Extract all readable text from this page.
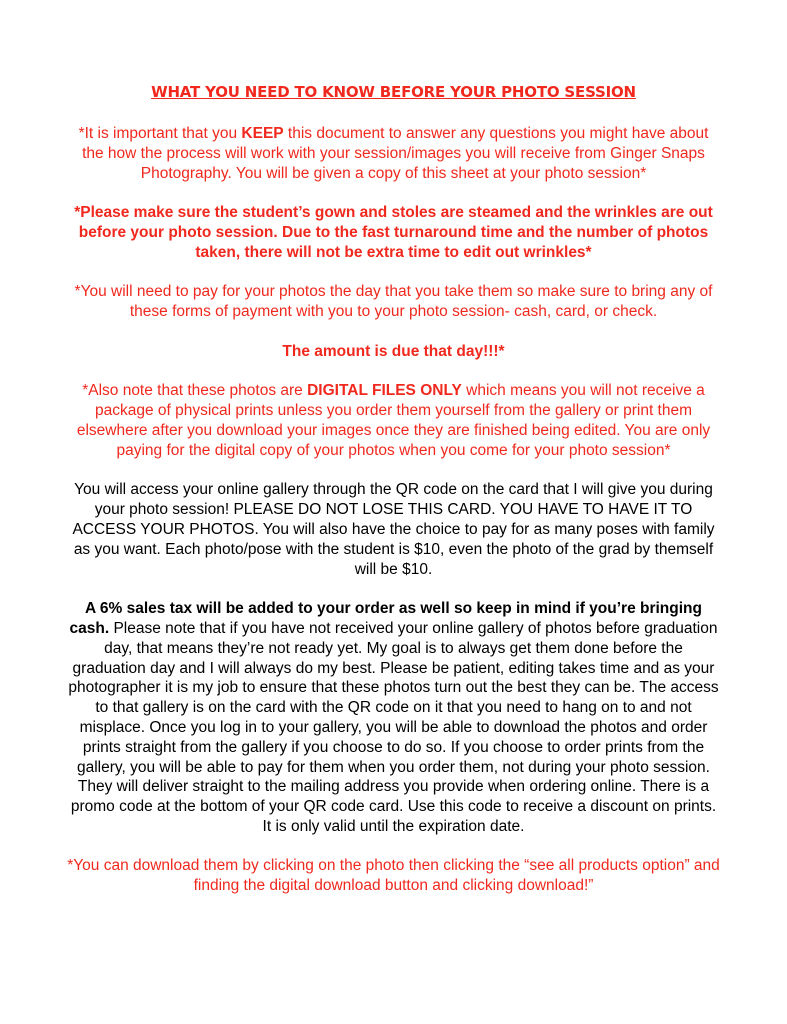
WHAT YOU NEED TO KNOW BEFORE YOUR PHOTO SESSION

*It is important that you KEEP this document to answer any questions you might have about the how the process will work with your session/images you will receive from Ginger Snaps Photography. You will be given a copy of this sheet at your photo session*

*Please make sure the student’s gown and stoles are steamed and the wrinkles are out before your photo session. Due to the fast turnaround time and the number of photos taken, there will not be extra time to edit out wrinkles*

*You will need to pay for your photos the day that you take them so make sure to bring any of these forms of payment with you to your photo session- cash, card, or check.

The amount is due that day!!!*

*Also note that these photos are DIGITAL FILES ONLY which means you will not receive a package of physical prints unless you order them yourself from the gallery or print them elsewhere after you download your images once they are finished being edited. You are only paying for the digital copy of your photos when you come for your photo session*

You will access your online gallery through the QR code on the card that I will give you during your photo session! PLEASE DO NOT LOSE THIS CARD. YOU HAVE TO HAVE IT TO ACCESS YOUR PHOTOS. You will also have the choice to pay for as many poses with family as you want. Each photo/pose with the student is $10, even the photo of the grad by themself will be $10.

A 6% sales tax will be added to your order as well so keep in mind if you’re bringing cash. Please note that if you have not received your online gallery of photos before graduation day, that means they’re not ready yet. My goal is to always get them done before the graduation day and I will always do my best. Please be patient, editing takes time and as your photographer it is my job to ensure that these photos turn out the best they can be. The access to that gallery is on the card with the QR code on it that you need to hang on to and not misplace. Once you log in to your gallery, you will be able to download the photos and order prints straight from the gallery if you choose to do so. If you choose to order prints from the gallery, you will be able to pay for them when you order them, not during your photo session. They will deliver straight to the mailing address you provide when ordering online. There is a promo code at the bottom of your QR code card. Use this code to receive a discount on prints. It is only valid until the expiration date.

*You can download them by clicking on the photo then clicking the “see all products option” and finding the digital download button and clicking download!”
